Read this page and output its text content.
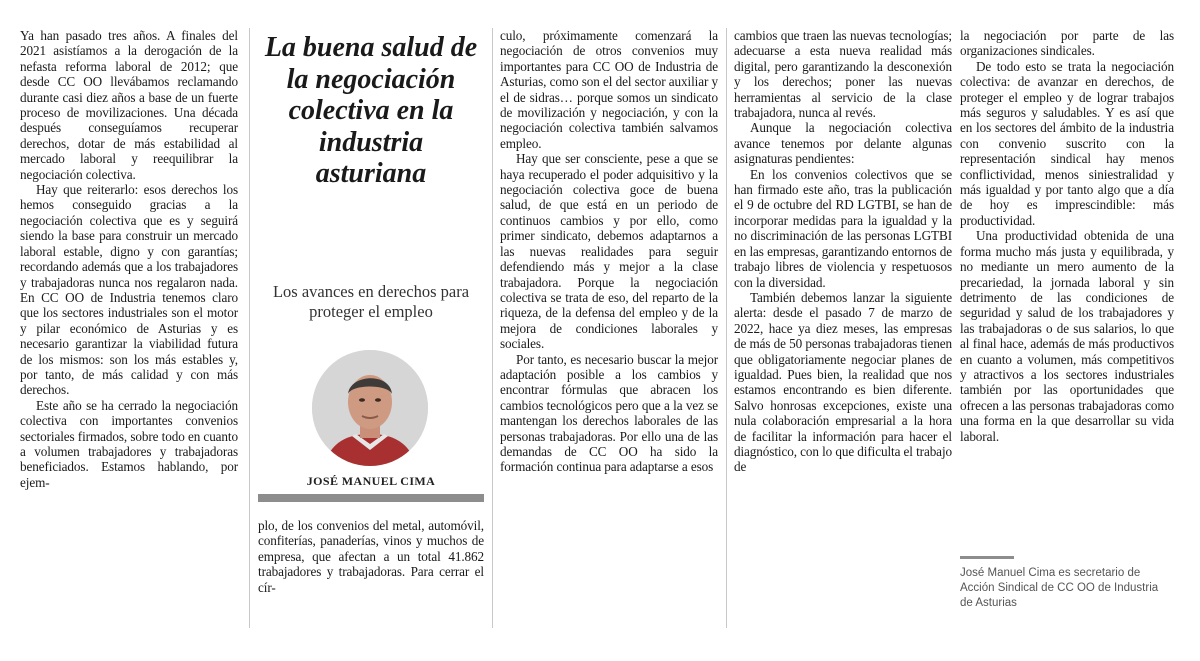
Ya han pasado tres años. A finales del 2021 asistíamos a la derogación de la nefasta reforma laboral de 2012; que desde CC OO llevábamos reclamando durante casi diez años a base de un fuerte proceso de movilizaciones. Una década después conseguíamos recuperar derechos, dotar de más estabilidad al mercado laboral y reequilibrar la negociación colectiva.

Hay que reiterarlo: esos derechos los hemos conseguido gracias a la negociación colectiva que es y seguirá siendo la base para construir un mercado laboral estable, digno y con garantías; recordando además que a los trabajadores y trabajadoras nunca nos regalaron nada. En CC OO de Industria tenemos claro que los sectores industriales son el motor y pilar económico de Asturias y es necesario garantizar la viabilidad futura de los mismos: son los más estables y, por tanto, de más calidad y con más derechos.

Este año se ha cerrado la negociación colectiva con importantes convenios sectoriales firmados, sobre todo en cuanto a volumen trabajadores y trabajadoras beneficiados. Estamos hablando, por ejem-

La buena salud de la negociación colectiva en la industria asturiana
Los avances en derechos para proteger el empleo
JOSÉ MANUEL CIMA

plo, de los convenios del metal, automóvil, confiterías, panaderías, vinos y muchos de empresa, que afectan a un total 41.862 trabajadores y trabajadoras. Para cerrar el cír-

culo, próximamente comenzará la negociación de otros convenios muy importantes para CC OO de Industria de Asturias, como son el del sector auxiliar y el de sidras… porque somos un sindicato de movilización y negociación, y con la negociación colectiva también salvamos empleo.

Hay que ser consciente, pese a que se haya recuperado el poder adquisitivo y la negociación colectiva goce de buena salud, de que está en un periodo de continuos cambios y por ello, como primer sindicato, debemos adaptarnos a las nuevas realidades para seguir defendiendo más y mejor a la clase trabajadora. Porque la negociación colectiva se trata de eso, del reparto de la riqueza, de la defensa del empleo y de la mejora de condiciones laborales y sociales.

Por tanto, es necesario buscar la mejor adaptación posible a los cambios y encontrar fórmulas que abracen los cambios tecnológicos pero que a la vez se mantengan los derechos laborales de las personas trabajadoras. Por ello una de las demandas de CC OO ha sido la formación continua para adaptarse a esos

cambios que traen las nuevas tecnologías; adecuarse a esta nueva realidad más digital, pero garantizando la desconexión y los derechos; poner las nuevas herramientas al servicio de la clase trabajadora, nunca al revés.

Aunque la negociación colectiva avance tenemos por delante algunas asignaturas pendientes:

En los convenios colectivos que se han firmado este año, tras la publicación el 9 de octubre del RD LGTBI, se han de incorporar medidas para la igualdad y la no discriminación de las personas LGTBI en las empresas, garantizando entornos de trabajo libres de violencia y respetuosos con la diversidad.

También debemos lanzar la siguiente alerta: desde el pasado 7 de marzo de 2022, hace ya diez meses, las empresas de más de 50 personas trabajadoras tienen que obligatoriamente negociar planes de igualdad. Pues bien, la realidad que nos estamos encontrando es bien diferente. Salvo honrosas excepciones, existe una nula colaboración empresarial a la hora de facilitar la información para hacer el diagnóstico, con lo que dificulta el trabajo de

la negociación por parte de las organizaciones sindicales.

De todo esto se trata la negociación colectiva: de avanzar en derechos, de proteger el empleo y de lograr trabajos más seguros y saludables. Y es así que en los sectores del ámbito de la industria con convenio suscrito con la representación sindical hay menos conflictividad, menos siniestralidad y más igualdad y por tanto algo que a día de hoy es imprescindible: más productividad.

Una productividad obtenida de una forma mucho más justa y equilibrada, y no mediante un mero aumento de la precariedad, la jornada laboral y sin detrimento de las condiciones de seguridad y salud de los trabajadores y las trabajadoras o de sus salarios, lo que al final hace, además de más productivos en cuanto a volumen, más competitivos y atractivos a los sectores industriales también por las oportunidades que ofrecen a las personas trabajadoras como una forma en la que desarrollar su vida laboral.

José Manuel Cima es secretario de Acción Sindical de CC OO de Industria de Asturias
